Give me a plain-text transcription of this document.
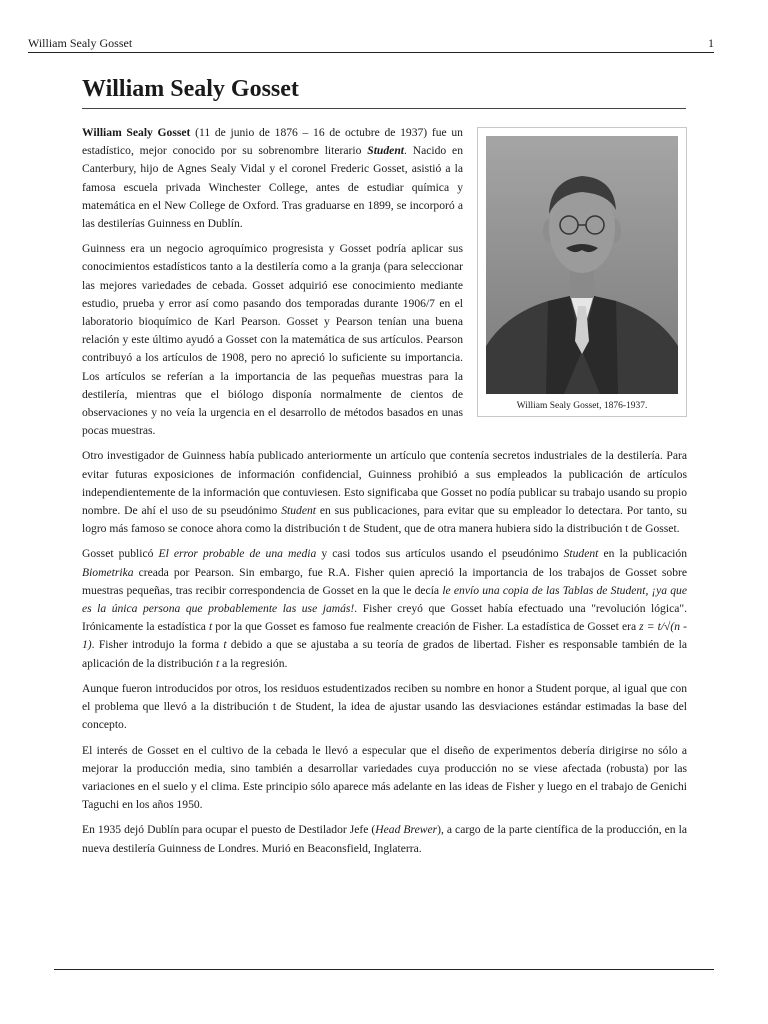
William Sealy Gosset	1
William Sealy Gosset
William Sealy Gosset, 1876-1937.

William Sealy Gosset (11 de junio de 1876 – 16 de octubre de 1937) fue un estadístico, mejor conocido por su sobrenombre literario Student. Nacido en Canterbury, hijo de Agnes Sealy Vidal y el coronel Frederic Gosset, asistió a la famosa escuela privada Winchester College, antes de estudiar química y matemática en el New College de Oxford. Tras graduarse en 1899, se incorporó a las destilerías Guinness en Dublín.

Guinness era un negocio agroquímico progresista y Gosset podría aplicar sus conocimientos estadísticos tanto a la destilería como a la granja (para seleccionar las mejores variedades de cebada. Gosset adquirió ese conocimiento mediante estudio, prueba y error así como pasando dos temporadas durante 1906/7 en el laboratorio bioquímico de Karl Pearson. Gosset y Pearson tenían una buena relación y este último ayudó a Gosset con la matemática de sus artículos. Pearson contribuyó a los artículos de 1908, pero no apreció lo suficiente su importancia. Los artículos se referían a la importancia de las pequeñas muestras para la destilería, mientras que el biólogo disponía normalmente de cientos de observaciones y no veía la urgencia en el desarrollo de métodos basados en unas pocas muestras.

Otro investigador de Guinness había publicado anteriormente un artículo que contenía secretos industriales de la destilería. Para evitar futuras exposiciones de información confidencial, Guinness prohibió a sus empleados la publicación de artículos independientemente de la información que contuviesen. Esto significaba que Gosset no podía publicar su trabajo usando su propio nombre. De ahí el uso de su pseudónimo Student en sus publicaciones, para evitar que su empleador lo detectara. Por tanto, su logro más famoso se conoce ahora como la distribución t de Student, que de otra manera hubiera sido la distribución t de Gosset.

Gosset publicó El error probable de una media y casi todos sus artículos usando el pseudónimo Student en la publicación Biometrika creada por Pearson. Sin embargo, fue R.A. Fisher quien apreció la importancia de los trabajos de Gosset sobre muestras pequeñas, tras recibir correspondencia de Gosset en la que le decía le envío una copia de las Tablas de Student, ¡ya que es la única persona que probablemente las use jamás!. Fisher creyó que Gosset había efectuado una "revolución lógica". Irónicamente la estadística t por la que Gosset es famoso fue realmente creación de Fisher. La estadística de Gosset era z = t/√(n - 1). Fisher introdujo la forma t debido a que se ajustaba a su teoría de grados de libertad. Fisher es responsable también de la aplicación de la distribución t a la regresión.

Aunque fueron introducidos por otros, los residuos estudentizados reciben su nombre en honor a Student porque, al igual que con el problema que llevó a la distribución t de Student, la idea de ajustar usando las desviaciones estándar estimadas la base del concepto.

El interés de Gosset en el cultivo de la cebada le llevó a especular que el diseño de experimentos debería dirigirse no sólo a mejorar la producción media, sino también a desarrollar variedades cuya producción no se viese afectada (robusta) por las variaciones en el suelo y el clima. Este principio sólo aparece más adelante en las ideas de Fisher y luego en el trabajo de Genichi Taguchi en los años 1950.

En 1935 dejó Dublín para ocupar el puesto de Destilador Jefe (Head Brewer), a cargo de la parte científica de la producción, en la nueva destilería Guinness de Londres. Murió en Beaconsfield, Inglaterra.
